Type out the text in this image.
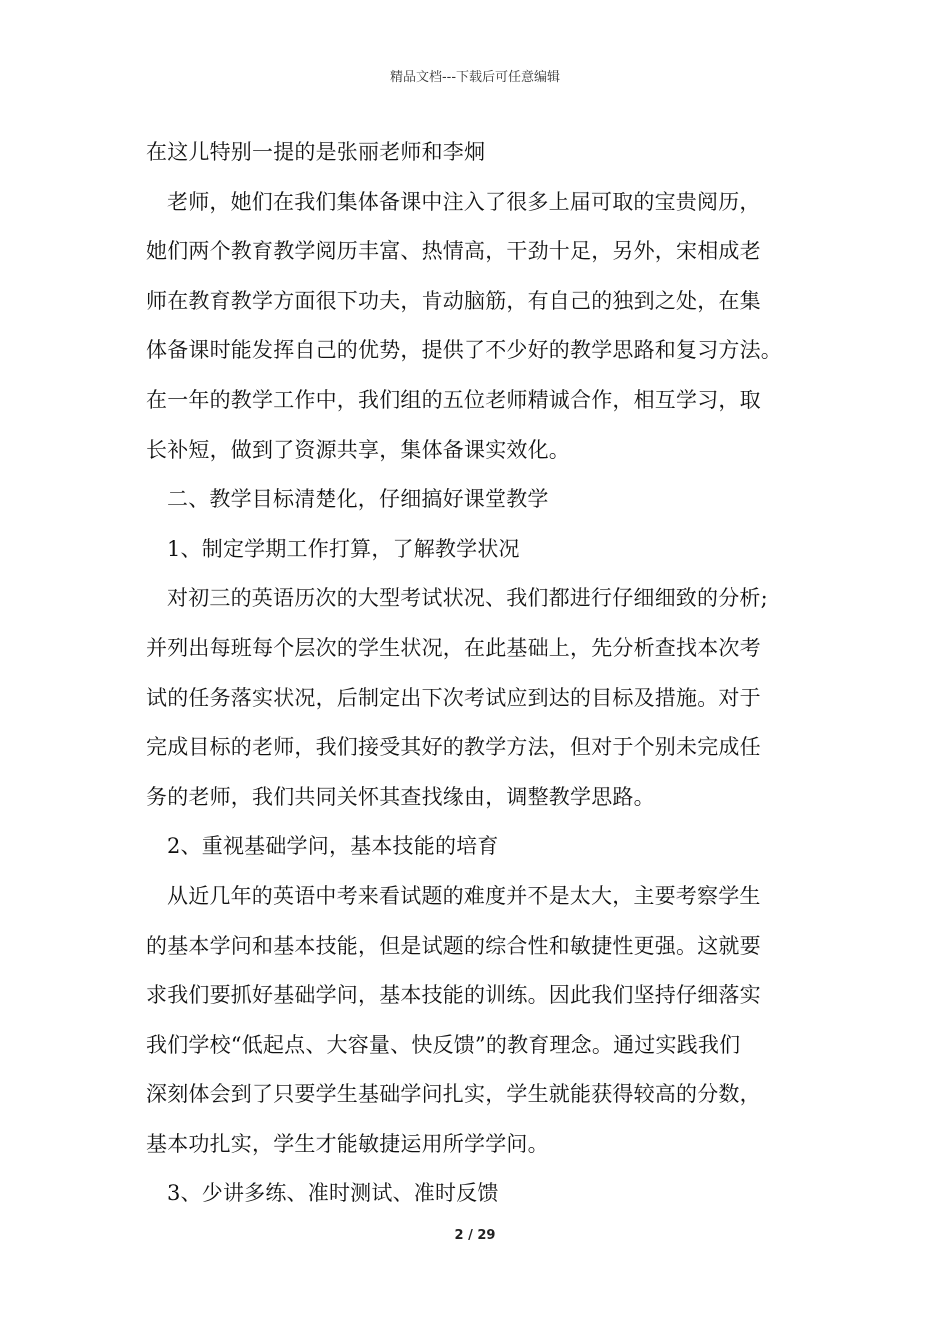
精品文档---下载后可任意编辑
在这儿特别一提的是张丽老师和李炯
老师，她们在我们集体备课中注入了很多上届可取的宝贵阅历，
她们两个教育教学阅历丰富、热情高，干劲十足，另外，宋相成老
师在教育教学方面很下功夫，肯动脑筋，有自己的独到之处，在集
体备课时能发挥自己的优势，提供了不少好的教学思路和复习方法。
在一年的教学工作中，我们组的五位老师精诚合作，相互学习，取
长补短，做到了资源共享，集体备课实效化。
二、教学目标清楚化，仔细搞好课堂教学
1、制定学期工作打算，了解教学状况
对初三的英语历次的大型考试状况、我们都进行仔细细致的分析;
并列出每班每个层次的学生状况，在此基础上，先分析查找本次考
试的任务落实状况，后制定出下次考试应到达的目标及措施。对于
完成目标的老师，我们接受其好的教学方法，但对于个别未完成任
务的老师，我们共同关怀其查找缘由，调整教学思路。
2、重视基础学问，基本技能的培育
从近几年的英语中考来看试题的难度并不是太大，主要考察学生
的基本学问和基本技能，但是试题的综合性和敏捷性更强。这就要
求我们要抓好基础学问，基本技能的训练。因此我们坚持仔细落实
我们学校“低起点、大容量、快反馈”的教育理念。通过实践我们
深刻体会到了只要学生基础学问扎实，学生就能获得较高的分数，
基本功扎实，学生才能敏捷运用所学学问。
3、少讲多练、准时测试、准时反馈
2 / 29
